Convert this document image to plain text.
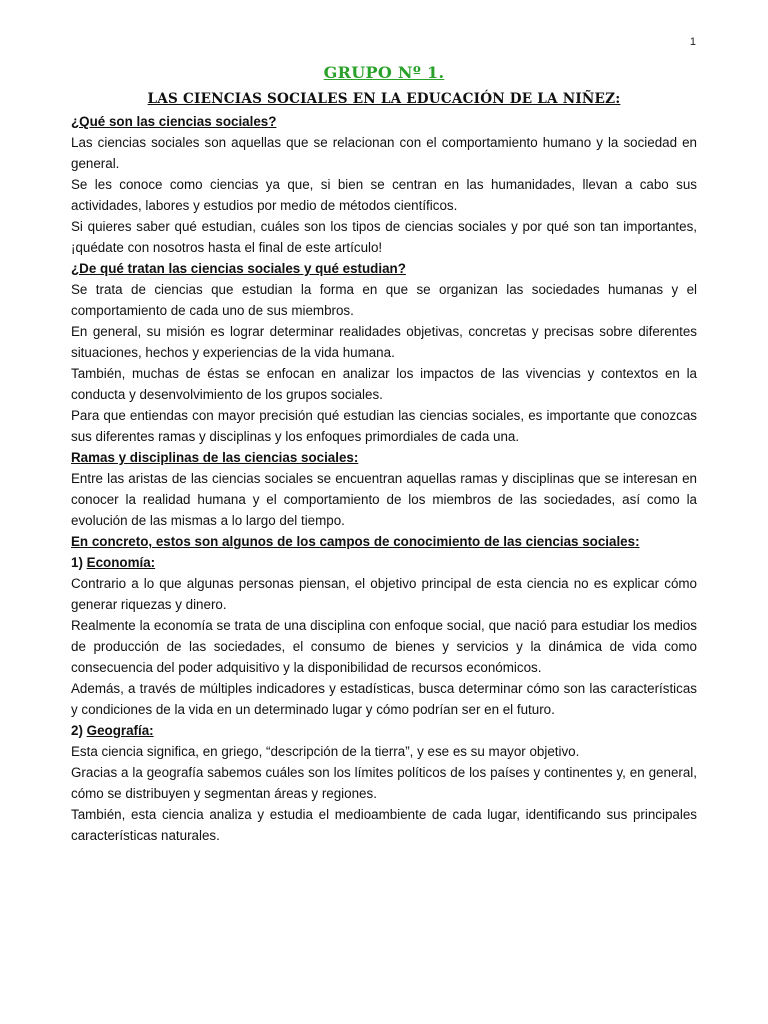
1
GRUPO Nº 1.
LAS CIENCIAS SOCIALES EN LA EDUCACIÓN DE LA NIÑEZ:
¿Qué son las ciencias sociales?

Las ciencias sociales son aquellas que se relacionan con el comportamiento humano y la sociedad en general.

Se les conoce como ciencias ya que, si bien se centran en las humanidades, llevan a cabo sus actividades, labores y estudios por medio de métodos científicos.

Si quieres saber qué estudian, cuáles son los tipos de ciencias sociales y por qué son tan importantes, ¡quédate con nosotros hasta el final de este artículo!

¿De qué tratan las ciencias sociales y qué estudian?

Se trata de ciencias que estudian la forma en que se organizan las sociedades humanas y el comportamiento de cada uno de sus miembros.

En general, su misión es lograr determinar realidades objetivas, concretas y precisas sobre diferentes situaciones, hechos y experiencias de la vida humana.

También, muchas de éstas se enfocan en analizar los impactos de las vivencias y contextos en la conducta y desenvolvimiento de los grupos sociales.

Para que entiendas con mayor precisión qué estudian las ciencias sociales, es importante que conozcas sus diferentes ramas y disciplinas y los enfoques primordiales de cada una.

Ramas y disciplinas de las ciencias sociales:

Entre las aristas de las ciencias sociales se encuentran aquellas ramas y disciplinas que se interesan en conocer la realidad humana y el comportamiento de los miembros de las sociedades, así como la evolución de las mismas a lo largo del tiempo.

En concreto, estos son algunos de los campos de conocimiento de las ciencias sociales:

1) Economía:

Contrario a lo que algunas personas piensan, el objetivo principal de esta ciencia no es explicar cómo generar riquezas y dinero.

Realmente la economía se trata de una disciplina con enfoque social, que nació para estudiar los medios de producción de las sociedades, el consumo de bienes y servicios y la dinámica de vida como consecuencia del poder adquisitivo y la disponibilidad de recursos económicos.

Además, a través de múltiples indicadores y estadísticas, busca determinar cómo son las características y condiciones de la vida en un determinado lugar y cómo podrían ser en el futuro.

2) Geografía:

Esta ciencia significa, en griego, “descripción de la tierra”, y ese es su mayor objetivo.

Gracias a la geografía sabemos cuáles son los límites políticos de los países y continentes y, en general, cómo se distribuyen y segmentan áreas y regiones.

También, esta ciencia analiza y estudia el medioambiente de cada lugar, identificando sus principales características naturales.
